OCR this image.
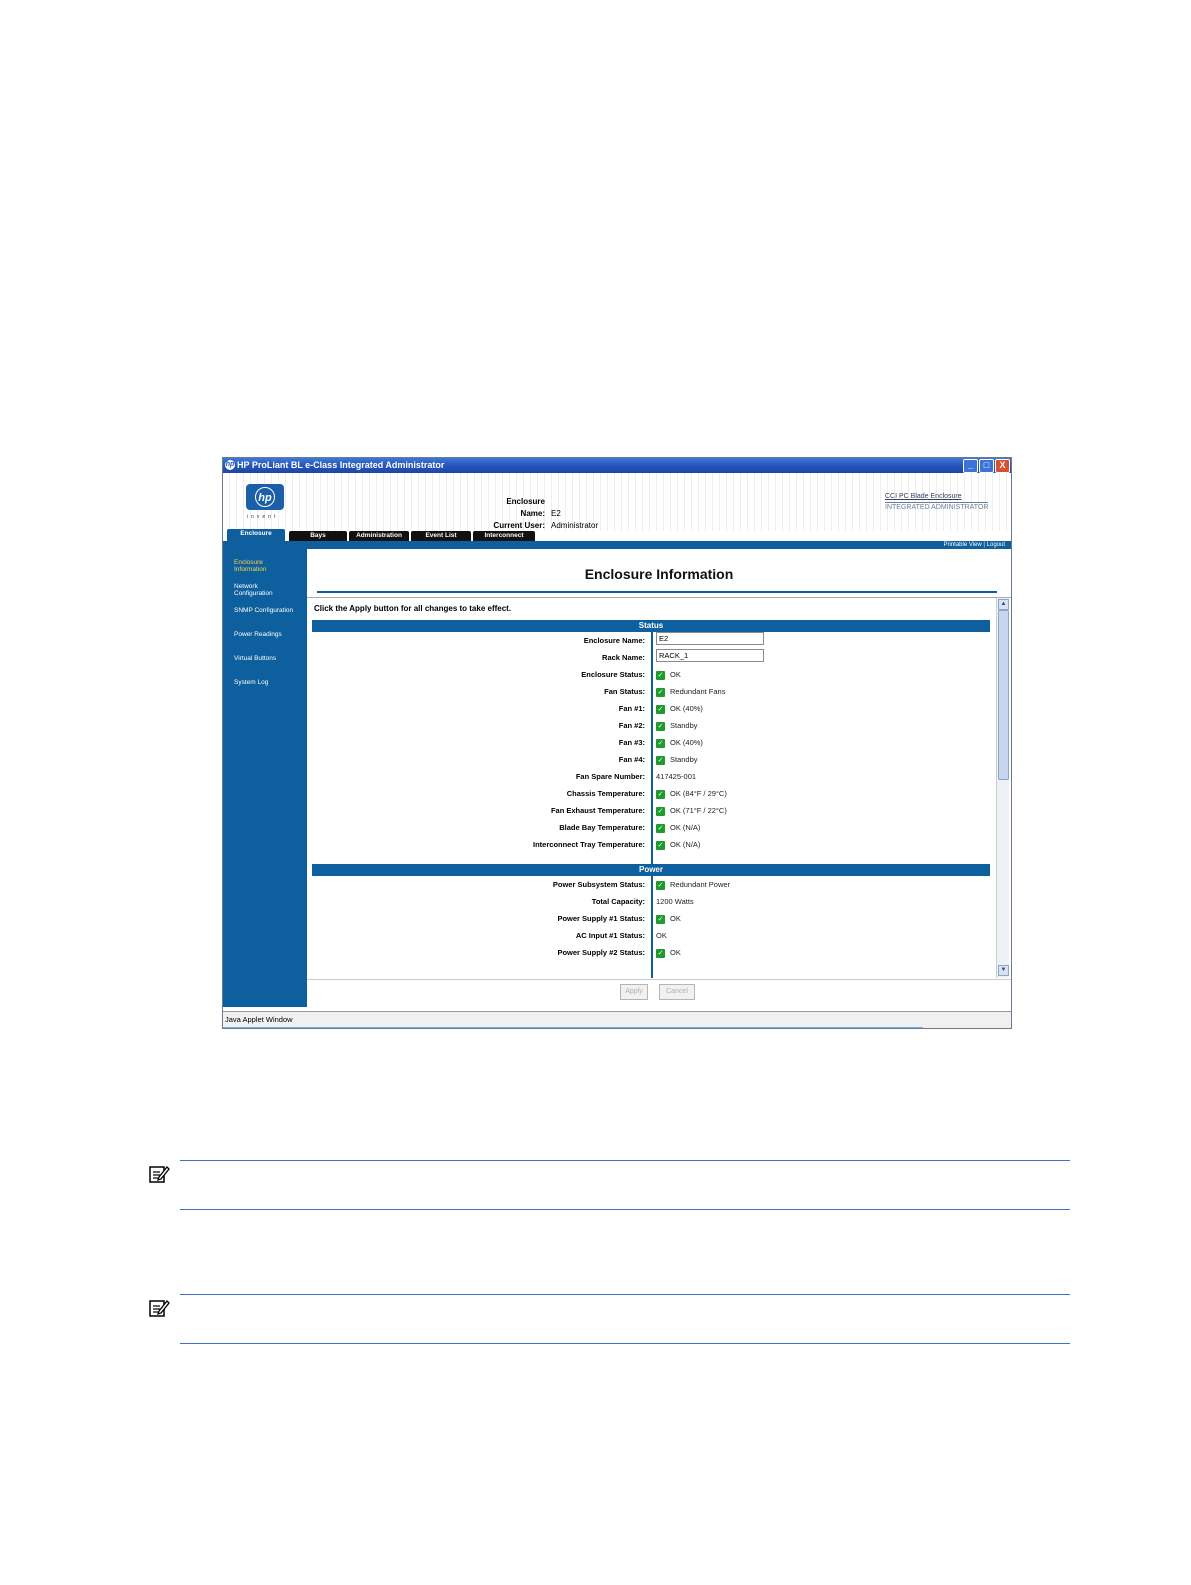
hp HP ProLiant BL e-Class Integrated Administrator	_	□	X
hp
invent
Enclosure Name: E2
Current User: Administrator
CCI PC Blade Enclosure
INTEGRATED ADMINISTRATOR
Enclosure	Bays	Administration	Event List	Interconnect
Printable View | Logout
Enclosure Information
Network Configuration
SNMP Configuration
Power Readings
Virtual Buttons
System Log
Enclosure Information
Click the Apply button for all changes to take effect.
Status
Enclosure Name:
E2
Rack Name:
RACK_1
Enclosure Status: ✓ OK
Fan Status: ✓ Redundant Fans
Fan #1: ✓ OK (40%)
Fan #2: ✓ Standby
Fan #3: ✓ OK (40%)
Fan #4: ✓ Standby
Fan Spare Number: 417425-001
Chassis Temperature: ✓ OK (84°F / 29°C)
Fan Exhaust Temperature: ✓ OK (71°F / 22°C)
Blade Bay Temperature: ✓ OK (N/A)
Interconnect Tray Temperature: ✓ OK (N/A)
Power
Power Subsystem Status: ✓ Redundant Power
Total Capacity: 1200 Watts
Power Supply #1 Status: ✓ OK
AC Input #1 Status: OK
Power Supply #2 Status: ✓ OK
▲
▼
Apply	Cancel
Java Applet Window
